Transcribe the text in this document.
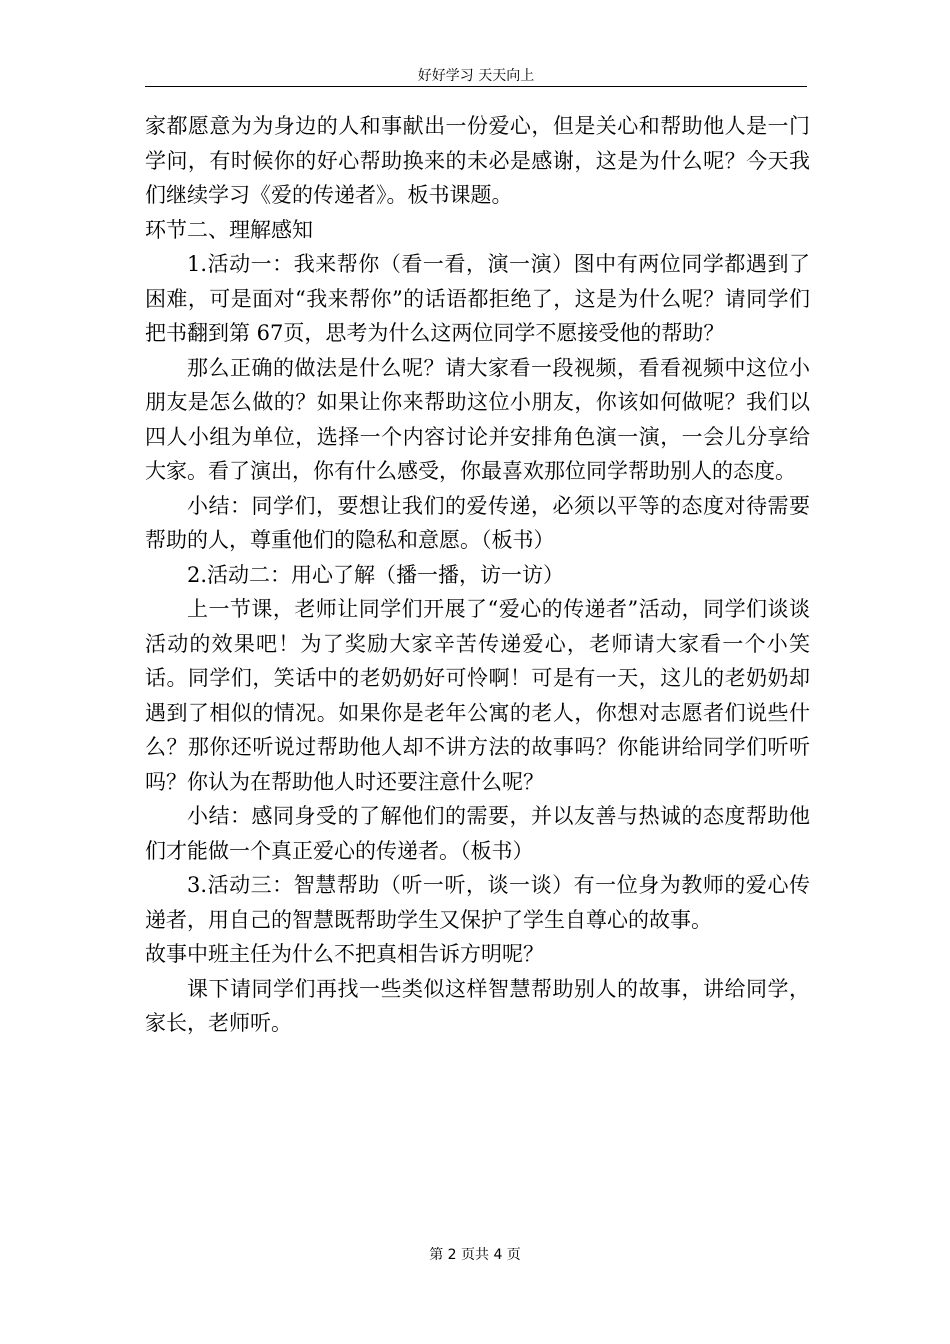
好好学习 天天向上

家都愿意为为身边的人和事献出一份爱心，但是关心和帮助他人是一门学问，有时候你的好心帮助换来的未必是感谢，这是为什么呢？今天我们继续学习《爱的传递者》。板书课题。

环节二、理解感知

1.活动一：我来帮你（看一看，演一演）图中有两位同学都遇到了困难，可是面对“我来帮你”的话语都拒绝了，这是为什么呢？请同学们把书翻到第 67页，思考为什么这两位同学不愿接受他的帮助？

那么正确的做法是什么呢？请大家看一段视频，看看视频中这位小朋友是怎么做的？如果让你来帮助这位小朋友，你该如何做呢？我们以四人小组为单位，选择一个内容讨论并安排角色演一演，一会儿分享给大家。看了演出，你有什么感受，你最喜欢那位同学帮助别人的态度。

小结：同学们，要想让我们的爱传递，必须以平等的态度对待需要帮助的人，尊重他们的隐私和意愿。（板书）

2.活动二：用心了解（播一播，访一访）

上一节课，老师让同学们开展了“爱心的传递者”活动，同学们谈谈活动的效果吧！为了奖励大家辛苦传递爱心，老师请大家看一个小笑话。同学们，笑话中的老奶奶好可怜啊！可是有一天，这儿的老奶奶却遇到了相似的情况。如果你是老年公寓的老人，你想对志愿者们说些什么？那你还听说过帮助他人却不讲方法的故事吗？你能讲给同学们听听吗？你认为在帮助他人时还要注意什么呢？

小结：感同身受的了解他们的需要，并以友善与热诚的态度帮助他们才能做一个真正爱心的传递者。（板书）

3.活动三：智慧帮助（听一听，谈一谈）有一位身为教师的爱心传递者，用自己的智慧既帮助学生又保护了学生自尊心的故事。

故事中班主任为什么不把真相告诉方明呢？

课下请同学们再找一些类似这样智慧帮助别人的故事，讲给同学，家长，老师听。

第 2 页共 4 页
